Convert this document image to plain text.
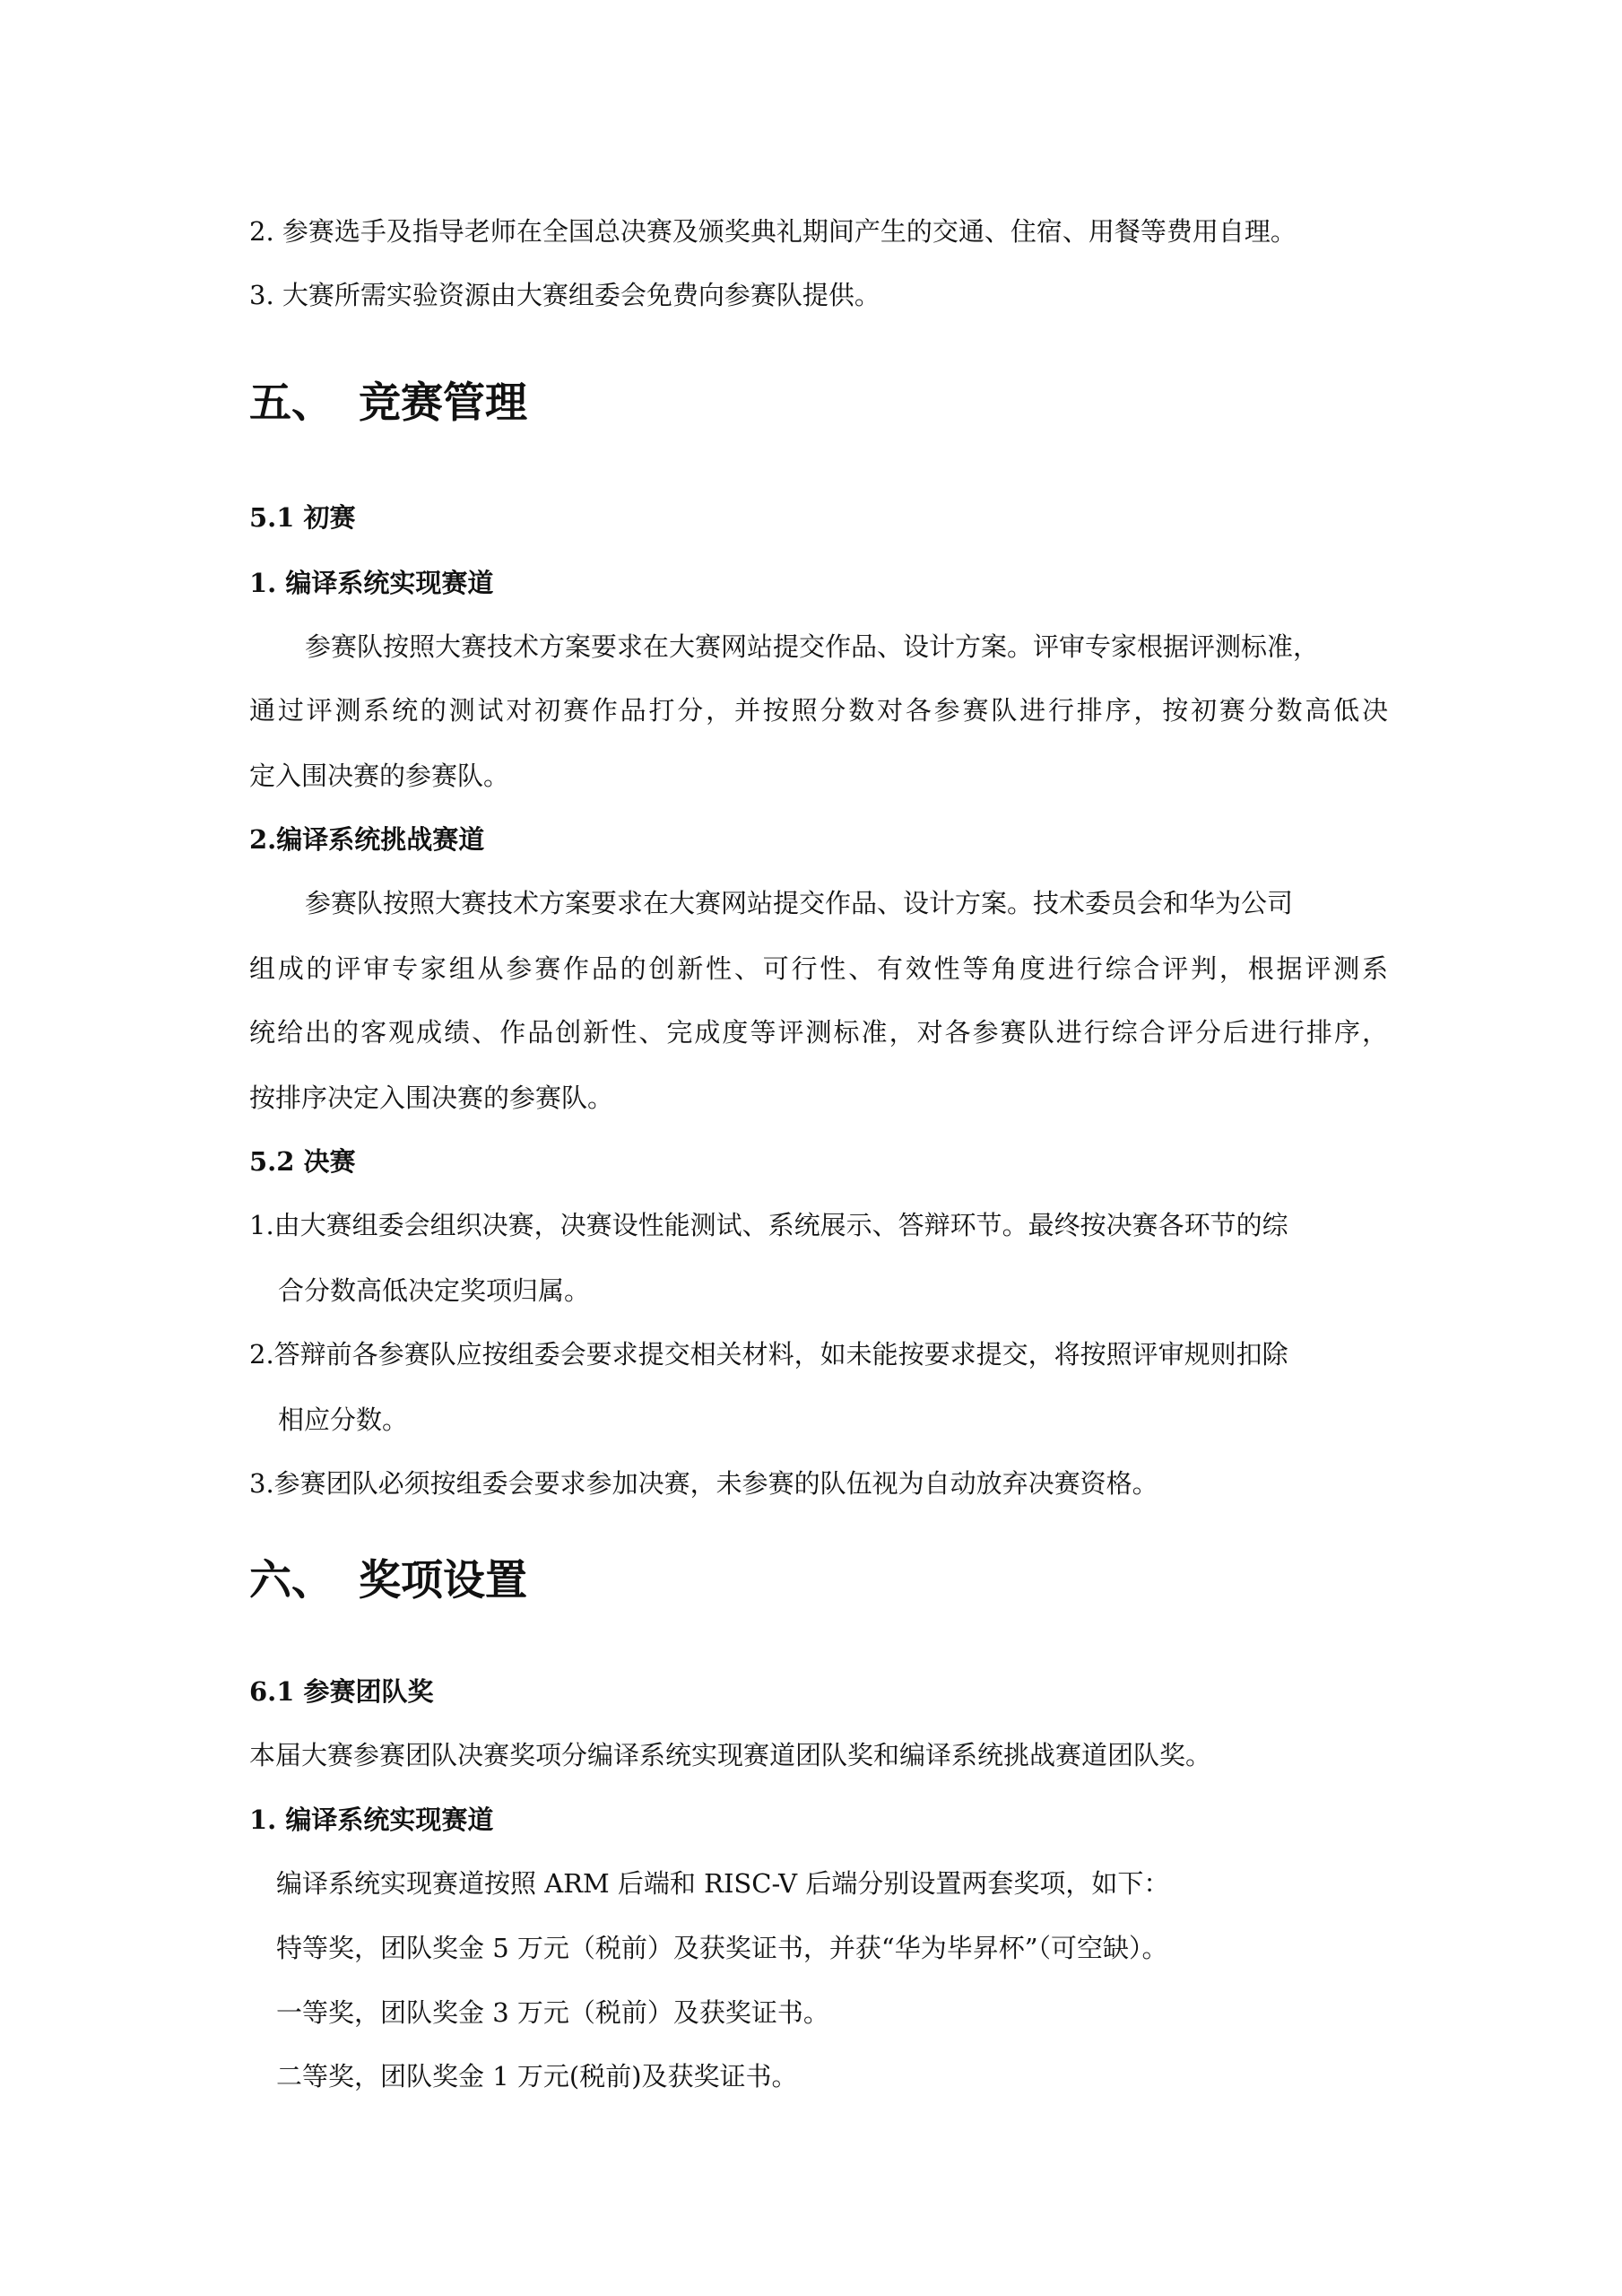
2. 参赛选手及指导老师在全国总决赛及颁奖典礼期间产生的交通、住宿、用餐等费用自理。

3. 大赛所需实验资源由大赛组委会免费向参赛队提供。

五、 竞赛管理

5.1 初赛

1. 编译系统实现赛道

参赛队按照大赛技术方案要求在大赛网站提交作品、设计方案。评审专家根据评测标准，

通过评测系统的测试对初赛作品打分，并按照分数对各参赛队进行排序，按初赛分数高低决

定入围决赛的参赛队。

2.编译系统挑战赛道

参赛队按照大赛技术方案要求在大赛网站提交作品、设计方案。技术委员会和华为公司

组成的评审专家组从参赛作品的创新性、可行性、有效性等角度进行综合评判，根据评测系

统给出的客观成绩、作品创新性、完成度等评测标准，对各参赛队进行综合评分后进行排序，

按排序决定入围决赛的参赛队。

5.2 决赛

1.由大赛组委会组织决赛，决赛设性能测试、系统展示、答辩环节。最终按决赛各环节的综

合分数高低决定奖项归属。

2.答辩前各参赛队应按组委会要求提交相关材料，如未能按要求提交，将按照评审规则扣除

相应分数。

3.参赛团队必须按组委会要求参加决赛，未参赛的队伍视为自动放弃决赛资格。

六、 奖项设置

6.1 参赛团队奖

本届大赛参赛团队决赛奖项分编译系统实现赛道团队奖和编译系统挑战赛道团队奖。

1. 编译系统实现赛道

编译系统实现赛道按照 ARM 后端和 RISC-V 后端分别设置两套奖项，如下：

特等奖，团队奖金 5 万元（税前）及获奖证书，并获“华为毕昇杯”（可空缺）。

一等奖，团队奖金 3 万元（税前）及获奖证书。

二等奖，团队奖金 1 万元(税前)及获奖证书。
